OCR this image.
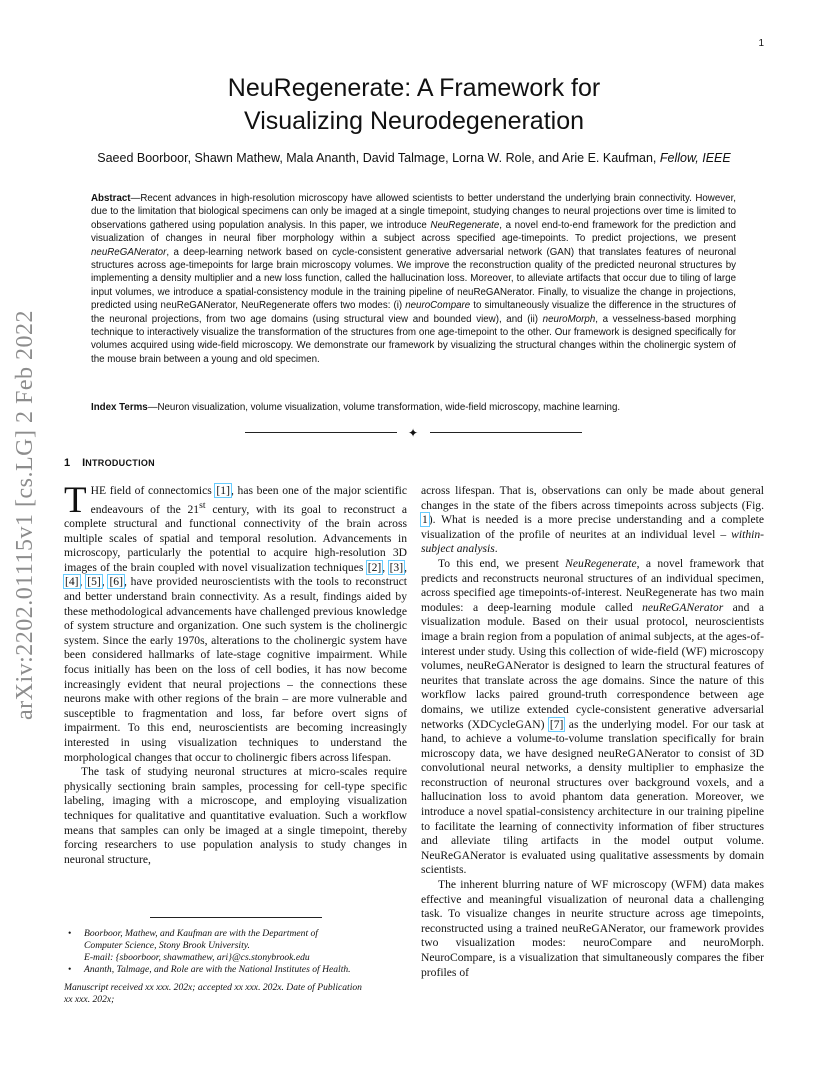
1
arXiv:2202.01115v1 [cs.LG] 2 Feb 2022
NeuRegenerate: A Framework for
Visualizing Neurodegeneration
Saeed Boorboor, Shawn Mathew, Mala Ananth, David Talmage, Lorna W. Role, and Arie E. Kaufman, Fellow, IEEE

Abstract—Recent advances in high-resolution microscopy have allowed scientists to better understand the underlying brain connectivity. However, due to the limitation that biological specimens can only be imaged at a single timepoint, studying changes to neural projections over time is limited to observations gathered using population analysis. In this paper, we introduce NeuRegenerate, a novel end-to-end framework for the prediction and visualization of changes in neural fiber morphology within a subject across specified age-timepoints. To predict projections, we present neuReGANerator, a deep-learning network based on cycle-consistent generative adversarial network (GAN) that translates features of neuronal structures across age-timepoints for large brain microscopy volumes. We improve the reconstruction quality of the predicted neuronal structures by implementing a density multiplier and a new loss function, called the hallucination loss. Moreover, to alleviate artifacts that occur due to tiling of large input volumes, we introduce a spatial-consistency module in the training pipeline of neuReGANerator. Finally, to visualize the change in projections, predicted using neuReGANerator, NeuRegenerate offers two modes: (i) neuroCompare to simultaneously visualize the difference in the structures of the neuronal projections, from two age domains (using structural view and bounded view), and (ii) neuroMorph, a vesselness-based morphing technique to interactively visualize the transformation of the structures from one age-timepoint to the other. Our framework is designed specifically for volumes acquired using wide-field microscopy. We demonstrate our framework by visualizing the structural changes within the cholinergic system of the mouse brain between a young and old specimen.

Index Terms—Neuron visualization, volume visualization, volume transformation, wide-field microscopy, machine learning.

✦
1 INTRODUCTION

THE field of connectomics [1], has been one of the major scientific endeavours of the 21st century, with its goal to reconstruct a complete structural and functional connectivity of the brain across multiple scales of spatial and temporal resolution. Advancements in microscopy, particularly the potential to acquire high-resolution 3D images of the brain coupled with novel visualization techniques [2], [3], [4], [5], [6], have provided neuroscientists with the tools to reconstruct and better understand brain connectivity. As a result, findings aided by these methodological advancements have challenged previous knowledge of system structure and organization. One such system is the cholinergic system. Since the early 1970s, alterations to the cholinergic system have been considered hallmarks of late-stage cognitive impairment. While focus initially has been on the loss of cell bodies, it has now become increasingly evident that neural projections – the connections these neurons make with other regions of the brain – are more vulnerable and susceptible to fragmentation and loss, far before overt signs of impairment. To this end, neuroscientists are becoming increasingly interested in using visualization techniques to understand the morphological changes that occur to cholinergic fibers across lifespan.

The task of studying neuronal structures at micro-scales require physically sectioning brain samples, processing for cell-type specific labeling, imaging with a microscope, and employing visualization techniques for qualitative and quantitative evaluation. Such a workflow means that samples can only be imaged at a single timepoint, thereby forcing researchers to use population analysis to study changes in neuronal structure,

• Boorboor, Mathew, and Kaufman are with the Department of
Computer Science, Stony Brook University.
E-mail: {sboorboor, shawmathew, ari}@cs.stonybrook.edu
• Ananth, Talmage, and Role are with the National Institutes of Health.
Manuscript received xx xxx. 202x; accepted xx xxx. 202x. Date of Publication
xx xxx. 202x;

across lifespan. That is, observations can only be made about general changes in the state of the fibers across timepoints across subjects (Fig. 1). What is needed is a more precise understanding and a complete visualization of the profile of neurites at an individual level – within-subject analysis.

To this end, we present NeuRegenerate, a novel framework that predicts and reconstructs neuronal structures of an individual specimen, across specified age timepoints-of-interest. NeuRegenerate has two main modules: a deep-learning module called neuReGANerator and a visualization module. Based on their usual protocol, neuroscientists image a brain region from a population of animal subjects, at the ages-of-interest under study. Using this collection of wide-field (WF) microscopy volumes, neuReGANerator is designed to learn the structural features of neurites that translate across the age domains. Since the nature of this workflow lacks paired ground-truth correspondence between age domains, we utilize extended cycle-consistent generative adversarial networks (XDCycleGAN) [7] as the underlying model. For our task at hand, to achieve a volume-to-volume translation specifically for brain microscopy data, we have designed neuReGANerator to consist of 3D convolutional neural networks, a density multiplier to emphasize the reconstruction of neuronal structures over background voxels, and a hallucination loss to avoid phantom data generation. Moreover, we introduce a novel spatial-consistency architecture in our training pipeline to facilitate the learning of connectivity information of fiber structures and alleviate tiling artifacts in the model output volume. NeuReGANerator is evaluated using qualitative assessments by domain scientists.

The inherent blurring nature of WF microscopy (WFM) data makes effective and meaningful visualization of neuronal data a challenging task. To visualize changes in neurite structure across age timepoints, reconstructed using a trained neuReGANerator, our framework provides two visualization modes: neuroCompare and neuroMorph. NeuroCompare, is a visualization that simultaneously compares the fiber profiles of
